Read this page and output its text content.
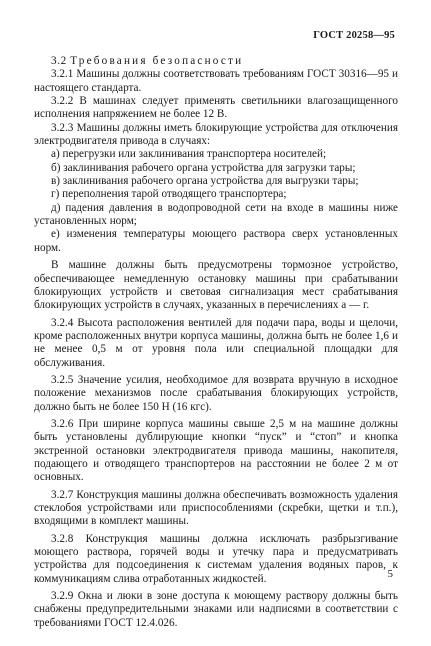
ГОСТ 20258—95

3.2 Требования безопасности

3.2.1 Машины должны соответствовать требованиям ГОСТ 30316—95 и настоящего стандарта.

3.2.2 В машинах следует применять светильники влагозащищенного исполнения напряжением не более 12 В.

3.2.3 Машины должны иметь блокирующие устройства для отключения электродвигателя привода в случаях:

а) перегрузки или заклинивания транспортера носителей;

б) заклинивания рабочего органа устройства для загрузки тары;

в) заклинивания рабочего органа устройства для выгрузки тары;

г) переполнения тарой отводящего транспортера;

д) падения давления в водопроводной сети на входе в машины ниже установленных норм;

е) изменения температуры моющего раствора сверх установленных норм.

В машине должны быть предусмотрены тормозное устройство, обеспечивающее немедленную остановку машины при срабатывании блокирующих устройств и световая сигнализация мест срабатывания блокирующих устройств в случаях, указанных в перечислениях а — г.

3.2.4 Высота расположения вентилей для подачи пара, воды и щелочи, кроме расположенных внутри корпуса машины, должна быть не более 1,6 и не менее 0,5 м от уровня пола или специальной площадки для обслуживания.

3.2.5 Значение усилия, необходимое для возврата вручную в исходное положение механизмов после срабатывания блокирующих устройств, должно быть не более 150 Н (16 кгс).

3.2.6 При ширине корпуса машины свыше 2,5 м на машине должны быть установлены дублирующие кнопки “пуск” и “стоп” и кнопка экстренной остановки электродвигателя привода машины, накопителя, подающего и отводящего транспортеров на расстоянии не более 2 м от основных.

3.2.7 Конструкция машины должна обеспечивать возможность удаления стеклобоя устройствами или приспособлениями (скребки, щетки и т.п.), входящими в комплект машины.

3.2.8 Конструкция машины должна исключать разбрызгивание моющего раствора, горячей воды и утечку пара и предусматривать устройства для подсоединения к системам удаления водяных паров, к коммуникациям слива отработанных жидкостей.

3.2.9 Окна и люки в зоне доступа к моющему раствору должны быть снабжены предупредительными знаками или надписями в соответствии с требованиями ГОСТ 12.4.026.

5
